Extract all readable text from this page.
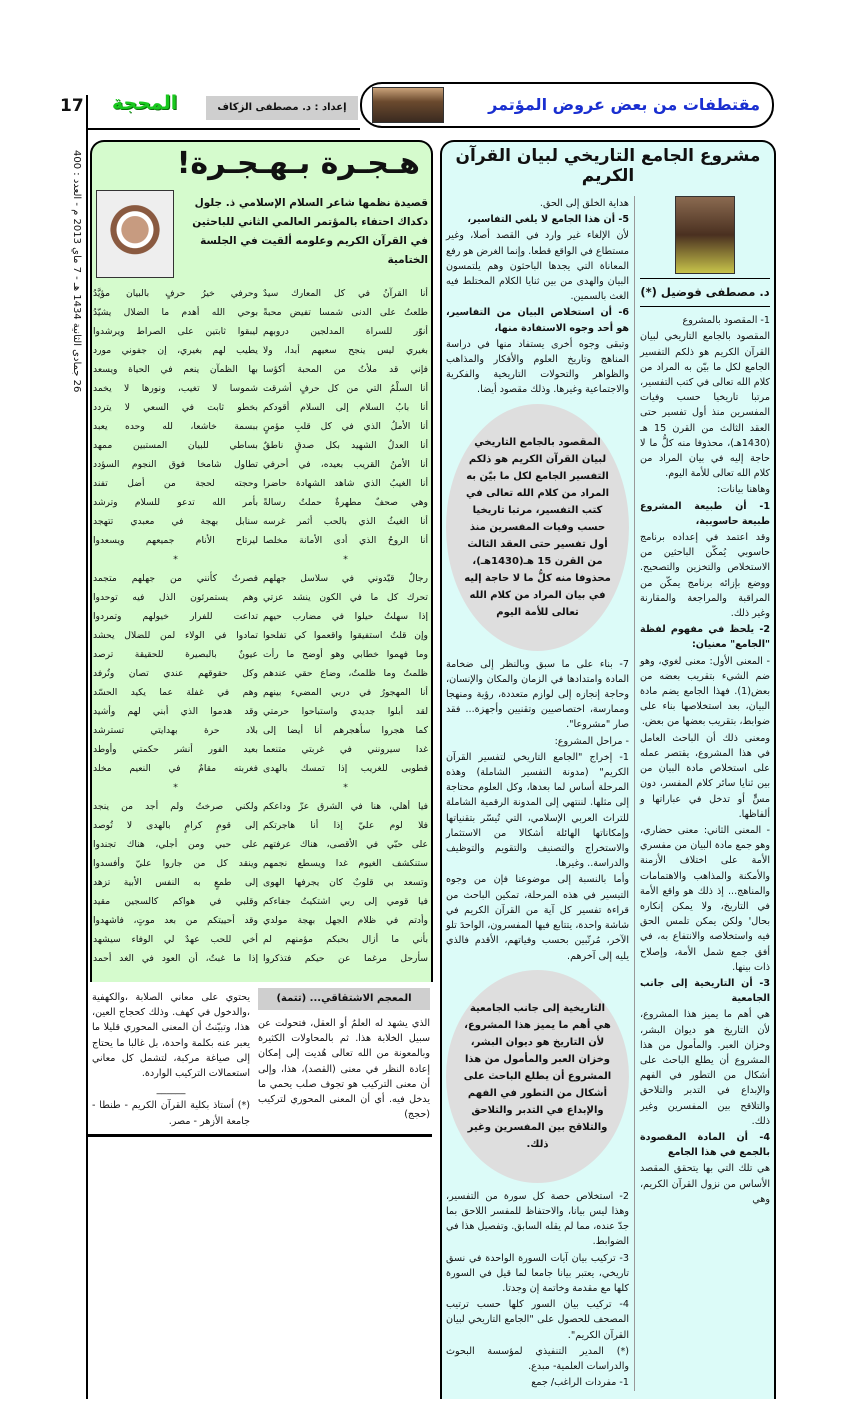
مقتطفات من بعض عروض المؤتمر
إعداد : د. مصطفى الزكاف
المحجة
17
26 جمادى الثانية 1434 هـ - 7 ماي 2013 م - العدد : 400
مشروع الجامع التاريخي لبيان القرآن الكريم
د. مصطفى فوضيل (*)

1- المقصود بالمشروع

المقصود بالجامع التاريخي لبيان القرآن الكريم هو ذلكم التفسير الجامع لكل ما بيّن به المراد من كلام الله تعالى في كتب التفسير، مرتبا تاريخيا حسب وفيات المفسرين منذ أول تفسير حتى العقد الثالث من القرن 15 هـ (1430هـ)، محذوفا منه كلُّ ما لا حاجة إليه في بيان المراد من كلام الله تعالى للأمة اليوم.

وهاهنا بيانات:

1- أن طبيعة المشروع طبيعة حاسوبية،

وقد اعتمد في إعداده برنامج حاسوبي يُمكّن الباحثين من الاستخلاص والتخزين والتصحيح. ووضع بإزائه برنامج يمكّن من المراقبة والمراجعة والمقارنة وغير ذلك.

2- يلحظ في مفهوم لفظة "الجامع" معنيان:

- المعنى الأول: معنى لغوي، وهو ضم الشيء بتقريب بعضه من بعض(1). فهذا الجامع يضم مادة البيان، بعد استخلاصها بناء على ضوابط، بتقريب بعضها من بعض.

ومعنى ذلك أن الباحث العامل في هذا المشروع، يقتصر عمله على استخلاص مادة البيان من بين ثنايا سائر كلام المفسر، دون مسٍّ أو تدخل في عباراتها و ألفاظها.

- المعنى الثاني: معنى حضاري، وهو جمع مادة البيان من مفسري الأمة على اختلاف الأزمنة والأمكنة والمذاهب والاهتمامات والمناهج... إذ ذلك هو واقع الأمة في التاريخ، ولا يمكن إنكاره بحال' ولكن يمكن تلمس الحق فيه واستخلاصه والانتفاع به، في أفق جمع شمل الأمة، وإصلاح ذات بينها.

3- أن التاريخية إلى جانب الجامعية

هي أهم ما يميز هذا المشروع، لأن التاريخ هو ديوان البشر، وخزان العبر. والمأمول من هذا المشروع أن يطلع الباحث على أشكال من التطور في الفهم والإبداع في التدبر والتلاحق والتلاقح بين المفسرين وغير ذلك.

4- أن المادة المقصودة بالجمع في هذا الجامع

هي تلك التي بها يتحقق المقصد الأساس من نزول القرآن الكريم، وهي

هداية الخلق إلى الحق.

5- أن هذا الجامع لا يلغي التفاسير،

لأن الإلغاء غير وارد في القصد أصلا، وغير مستطاع في الواقع قطعا. وإنما الغرض هو رفع المعاناة التي يجدها الباحثون وهم يلتمسون البيان والهدى من بين ثنايا الكلام المختلط فيه الغث بالسمين.

6- أن استخلاص البيان من التفاسير، هو أحد وجوه الاستفادة منها،

وتبقى وجوه أخرى يستفاد منها في دراسة المناهج وتاريخ العلوم والأفكار والمذاهب والظواهر والتحولات التاريخية والفكرية والاجتماعية وغيرها. وذلك مقصود أيضا.

المقصود بالجامع التاريخي لبيان القرآن الكريم هو ذلكم التفسير الجامع لكل ما بيّن به المراد من كلام الله تعالى في كتب التفسير، مرتبا تاريخيا حسب وفيات المفسرين منذ أول تفسير حتى العقد الثالث من القرن 15 هـ(1430هـ)، محذوفا منه كلُّ ما لا حاجة إليه في بيان المراد من كلام الله تعالى للأمة اليوم

7- بناء على ما سبق وبالنظر إلى ضخامة المادة وامتدادها في الزمان والمكان والإنسان، وحاجة إنجازه إلى لوازم متعددة، رؤية ومنهجا وممارسة، اختصاصيين وتقنيين وأجهزة... فقد صار "مشروعا".

- مراحل المشروع:

1- إخراج "الجامع التاريخي لتفسير القرآن الكريم" (مدونة التفسير الشاملة) وهذه المرحلة أساس لما بعدها، وكل العلوم محتاجة إلى مثلها. لننتهي إلى المدونة الرقمية الشاملة للتراث العربي الإسلامي، التي تُيسّر بتقنياتها وإمكاناتها الهائلة أشكالا من الاستثمار والاستخراج والتصنيف والتقويم والتوظيف والدراسة.. وغيرها.

وأما بالنسبة إلى موضوعنا فإن من وجوه التيسير في هذه المرحلة، تمكين الباحث من قراءة تفسير كل آية من القرآن الكريم في شاشة واحدة، يتتابع فيها المفسرون، الواحدَ تلو الآخر، مُرتّبين بحسب وفياتهم، الأقدم فالذي يليه إلى آخرهم.

التاريخية إلى جانب الجامعية هي أهم ما يميز هذا المشروع، لأن التاريخ هو ديوان البشر، وخزان العبر والمأمول من هذا المشروع أن يطلع الباحث على أشكال من التطور في الفهم والإبداع في التدبر والتلاحق والتلاقح بين المفسرين وغير ذلك.

2- استخلاص حصة كل سورة من التفسير، وهذا ليس بيانا، والاحتفاظ للمفسر اللاحق بما جدّ عنده، مما لم يقله السابق. وتفصيل هذا في الضوابط.

3- تركيب بيان آيات السورة الواحدة في نسق تاريخي، يعتبر بيانا جامعا لما قيل في السورة كلها مع مقدمة وخاتمة إن وجدتا.

4- تركيب بيان السور كلها حسب ترتيب المصحف للحصول على "الجامع التاريخي لبيان القرآن الكريم".

(*) المدير التنفيذي لمؤسسة البحوث والدراسات العلمية- مبدع.

1- مفردات الراغب/ جمع

هـجـرة بـهـجـرة!
قصيدة نظمها شاعر السلام الإسلامي ذ. جلول دكداك احتفاء بالمؤتمر العالمي الثاني للباحثين في القرآن الكريم وعلومه ألقيت في الجلسة الختامية
أنا القرآنُ في كل المعارك سيدٌ
طلعتُ على الدنى شمسا تفيض محبةً
أنوّر للسراة المدلجين دروبهم
بغيري ليس ينجح سعيهم أبدا، ولا
فإني قد ملأتُ من المحبة أكؤسا
أنا السلْمُ التي من كل حرفٍ أشرقت
أنا بابُ السلام إلى السلام أقودكم
أنا الأملُ الذي في كل قلبِ مؤمنٍ
أنا العدلُ الشهيد بكل صدقٍ ناطقٌ
أنا الأمنُ القريب بعيده، في أحرفي
أنا الغيبُ الذي شاهد الشهادة حاضرا
وهي صحفٌ مطهرةٌ حملتُ رسالةً
أنا الغيثُ الذي بالحب أثمر غرسه
أنا الروحُ الذي أدى الأمانة مخلصا
*
رجالٌ قيّدوني في سلاسل جهلهم
تحرك كل ما في الكون ينشد عزتي
إذا سهلتُ حيلوا في مضارب حيهم
وإن قلتُ استفيقوا واقعموا كي تفلحوا
وما فهموا خطابي وهو أوضح ما رأت
ظلمتُ وما ظلمتُ، وضاع حقي عندهم
أنا المهجورُ في دربي المضيء بينهم
لقد أبلوا جديدي واستباحوا حرمتي
كما هجروا سأهجرهم أنا أيضا إلى
غدا سيرونني في غربتي متنعما
فطوبى للغريب إذا تمسك بالهدى
*
فيا أهلي، هنا في الشرق عزّ وداعكم
فلا لوم عليّ إذا أنا هاجرتكم
على حبّي في الأقصى، هناك عرفتهم
ستنكشف الغيوم غدا ويسطع نجمهم
وتسعد بي قلوبٌ كان يجرفها الهوى
فيا قومي إلى ربي اشتكيتُ جفاءكم
وأدتم في ظلام الجهل بهجة مولدي
بأني ما أزال بحبكم مؤمنهم لم
سأرحل مرغما عن حيكم فتذكروا
وحرفي خيرُ حرفٍ بالبيان مؤيَّدُ
بوحي الله أهدم ما الضلال يشيّدُ
ليبقوا ثابتين على الصراط ويرشدوا
يطيب لهم بغيري، إن جفوني مورد
بها الظمآن ينعم في الحياة ويسعد
شموسا لا تغيب، ونورها لا يخمد
بخطو ثابت في السعي لا يتردد
ببسمة خاشعا، لله وحده يعبد
بساطي للبيان المستبين ممهد
تطاول شامخا فوق النجوم السؤدد
وحجته لحجة من أضل تفند
بأمر الله تدعو للسلام وترشد
سنابل بهجة في معبدي تتهجد
ليرتاح الأنام جميعهم ويسعدوا
*
فصرتُ كأنني من جهلهم متجمد
وهم يستمرئون الذل فيه توحدوا
تداعت للفرار خيولهم وتمردوا
تمادوا في الولاء لمن للضلال يحشد
عيونٌ بالبصيرة للحقيقة ترصد
وكل حقوقهم عندي تصان وتُرفد
وهم في غفلة عما يكيد الحسّد
وقد هدموا الذي أبني لهم وأشيد
بلاد حرة بهدايتي تسترشد
بعيد الفور أنشر حكمتي وأوطد
فغربته مقامٌ في النعيم مخلد
*
ولكني صرختُ ولم أجد من ينجد
إلى قومٍ كرامٍ بالهدى لا تُوصد
على حبي ومن أجلي، هناك تجندوا
وينقد كل من جاروا عليّ وأفسدوا
إلى طمعٍ به النفس الأبية تزهد
وقلبي في هواكم كالسجين مقيد
وقد أحييتكم من بعد موتٍ، فاشهدوا
أخي للحب عهدٌ لي الوفاء سيشهد
إذا ما غبتُ، أن العود في الغد أحمد

يحتوي على معاني الصلابة ،والكهفية ،والدخول في كهف. وذلك كحجاج العين، هذا، وتبيّنتُ أن المعنى المحوري قليلا ما يعبر عنه بكلمة واحدة، بل غالبا ما يحتاج إلى صياغة مركبة، لتشمل كل معاني استعمالات التركيب الواردة.

______

(*) أستاذ بكلية القرآن الكريم - طنطا - جامعة الأزهر - مصر.

المعجم الاشتقاقي... (تتمة)
الذي يشهد له العلمُ أو العقل، فتحولت عن سبيل الخلابة هذا. ثم بالمحاولات الكثيرة وبالمعونة من الله تعالى هُديت إلى إمكان إعادة النظر في معنى (القصد)، هذا، وإلى أن معنى التركيب هو تجوف صلب يحمي ما يدخل فيه. أي أن المعنى المحوري لتركيب (حجج)
